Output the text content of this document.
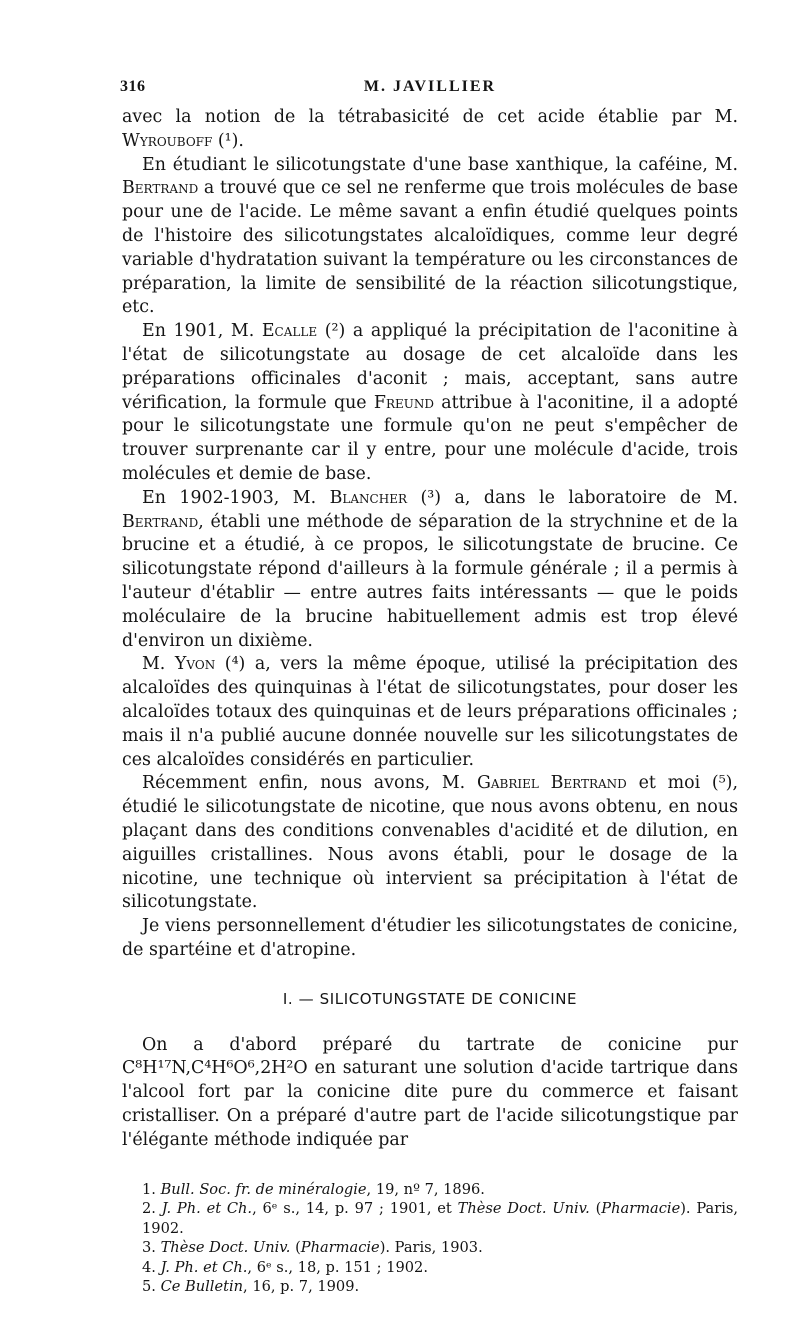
316	M. JAVILLIER

avec la notion de la tétrabasicité de cet acide établie par M. Wyrouboff (¹).

En étudiant le silicotungstate d'une base xanthique, la caféine, M. Bertrand a trouvé que ce sel ne renferme que trois molécules de base pour une de l'acide. Le même savant a enfin étudié quelques points de l'histoire des silicotungstates alcaloïdiques, comme leur degré variable d'hydratation suivant la température ou les circonstances de préparation, la limite de sensibilité de la réaction silicotungstique, etc.

En 1901, M. Ecalle (²) a appliqué la précipitation de l'aconitine à l'état de silicotungstate au dosage de cet alcaloïde dans les préparations officinales d'aconit ; mais, acceptant, sans autre vérification, la formule que Freund attribue à l'aconitine, il a adopté pour le silicotungstate une formule qu'on ne peut s'empêcher de trouver surprenante car il y entre, pour une molécule d'acide, trois molécules et demie de base.

En 1902-1903, M. Blancher (³) a, dans le laboratoire de M. Bertrand, établi une méthode de séparation de la strychnine et de la brucine et a étudié, à ce propos, le silicotungstate de brucine. Ce silicotungstate répond d'ailleurs à la formule générale ; il a permis à l'auteur d'établir — entre autres faits intéressants — que le poids moléculaire de la brucine habituellement admis est trop élevé d'environ un dixième.

M. Yvon (⁴) a, vers la même époque, utilisé la précipitation des alcaloïdes des quinquinas à l'état de silicotungstates, pour doser les alcaloïdes totaux des quinquinas et de leurs préparations officinales ; mais il n'a publié aucune donnée nouvelle sur les silicotungstates de ces alcaloïdes considérés en particulier.

Récemment enfin, nous avons, M. Gabriel Bertrand et moi (⁵), étudié le silicotungstate de nicotine, que nous avons obtenu, en nous plaçant dans des conditions convenables d'acidité et de dilution, en aiguilles cristallines. Nous avons établi, pour le dosage de la nicotine, une technique où intervient sa précipitation à l'état de silicotungstate.

Je viens personnellement d'étudier les silicotungstates de conicine, de spartéine et d'atropine.

I. — SILICOTUNGSTATE DE CONICINE

On a d'abord préparé du tartrate de conicine pur C⁸H¹⁷N,C⁴H⁶O⁶,2H²O en saturant une solution d'acide tartrique dans l'alcool fort par la conicine dite pure du commerce et faisant cristalliser. On a préparé d'autre part de l'acide silicotungstique par l'élégante méthode indiquée par

1. Bull. Soc. fr. de minéralogie, 19, nº 7, 1896.
2. J. Ph. et Ch., 6ᵉ s., 14, p. 97 ; 1901, et Thèse Doct. Univ. (Pharmacie). Paris, 1902.
3. Thèse Doct. Univ. (Pharmacie). Paris, 1903.
4. J. Ph. et Ch., 6ᵉ s., 18, p. 151 ; 1902.
5. Ce Bulletin, 16, p. 7, 1909.
